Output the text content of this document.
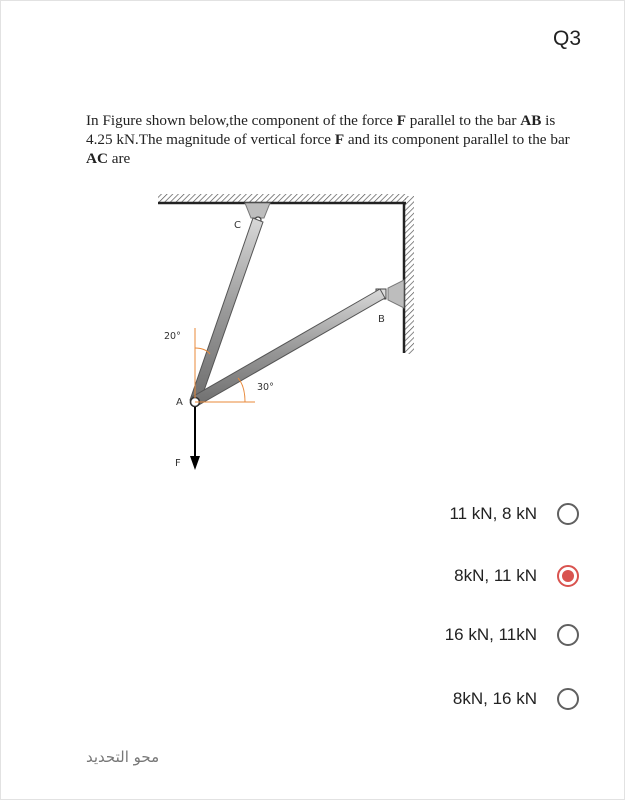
Q3
In Figure shown below,the component of the force F parallel to the bar AB is 4.25 kN.The magnitude of vertical force F and its component parallel to the bar AC are
C
B
A
F
20°
30°
11 kN, 8 kN
8kN, 11 kN
16 kN, 11kN
8kN, 16 kN
محو التحديد
